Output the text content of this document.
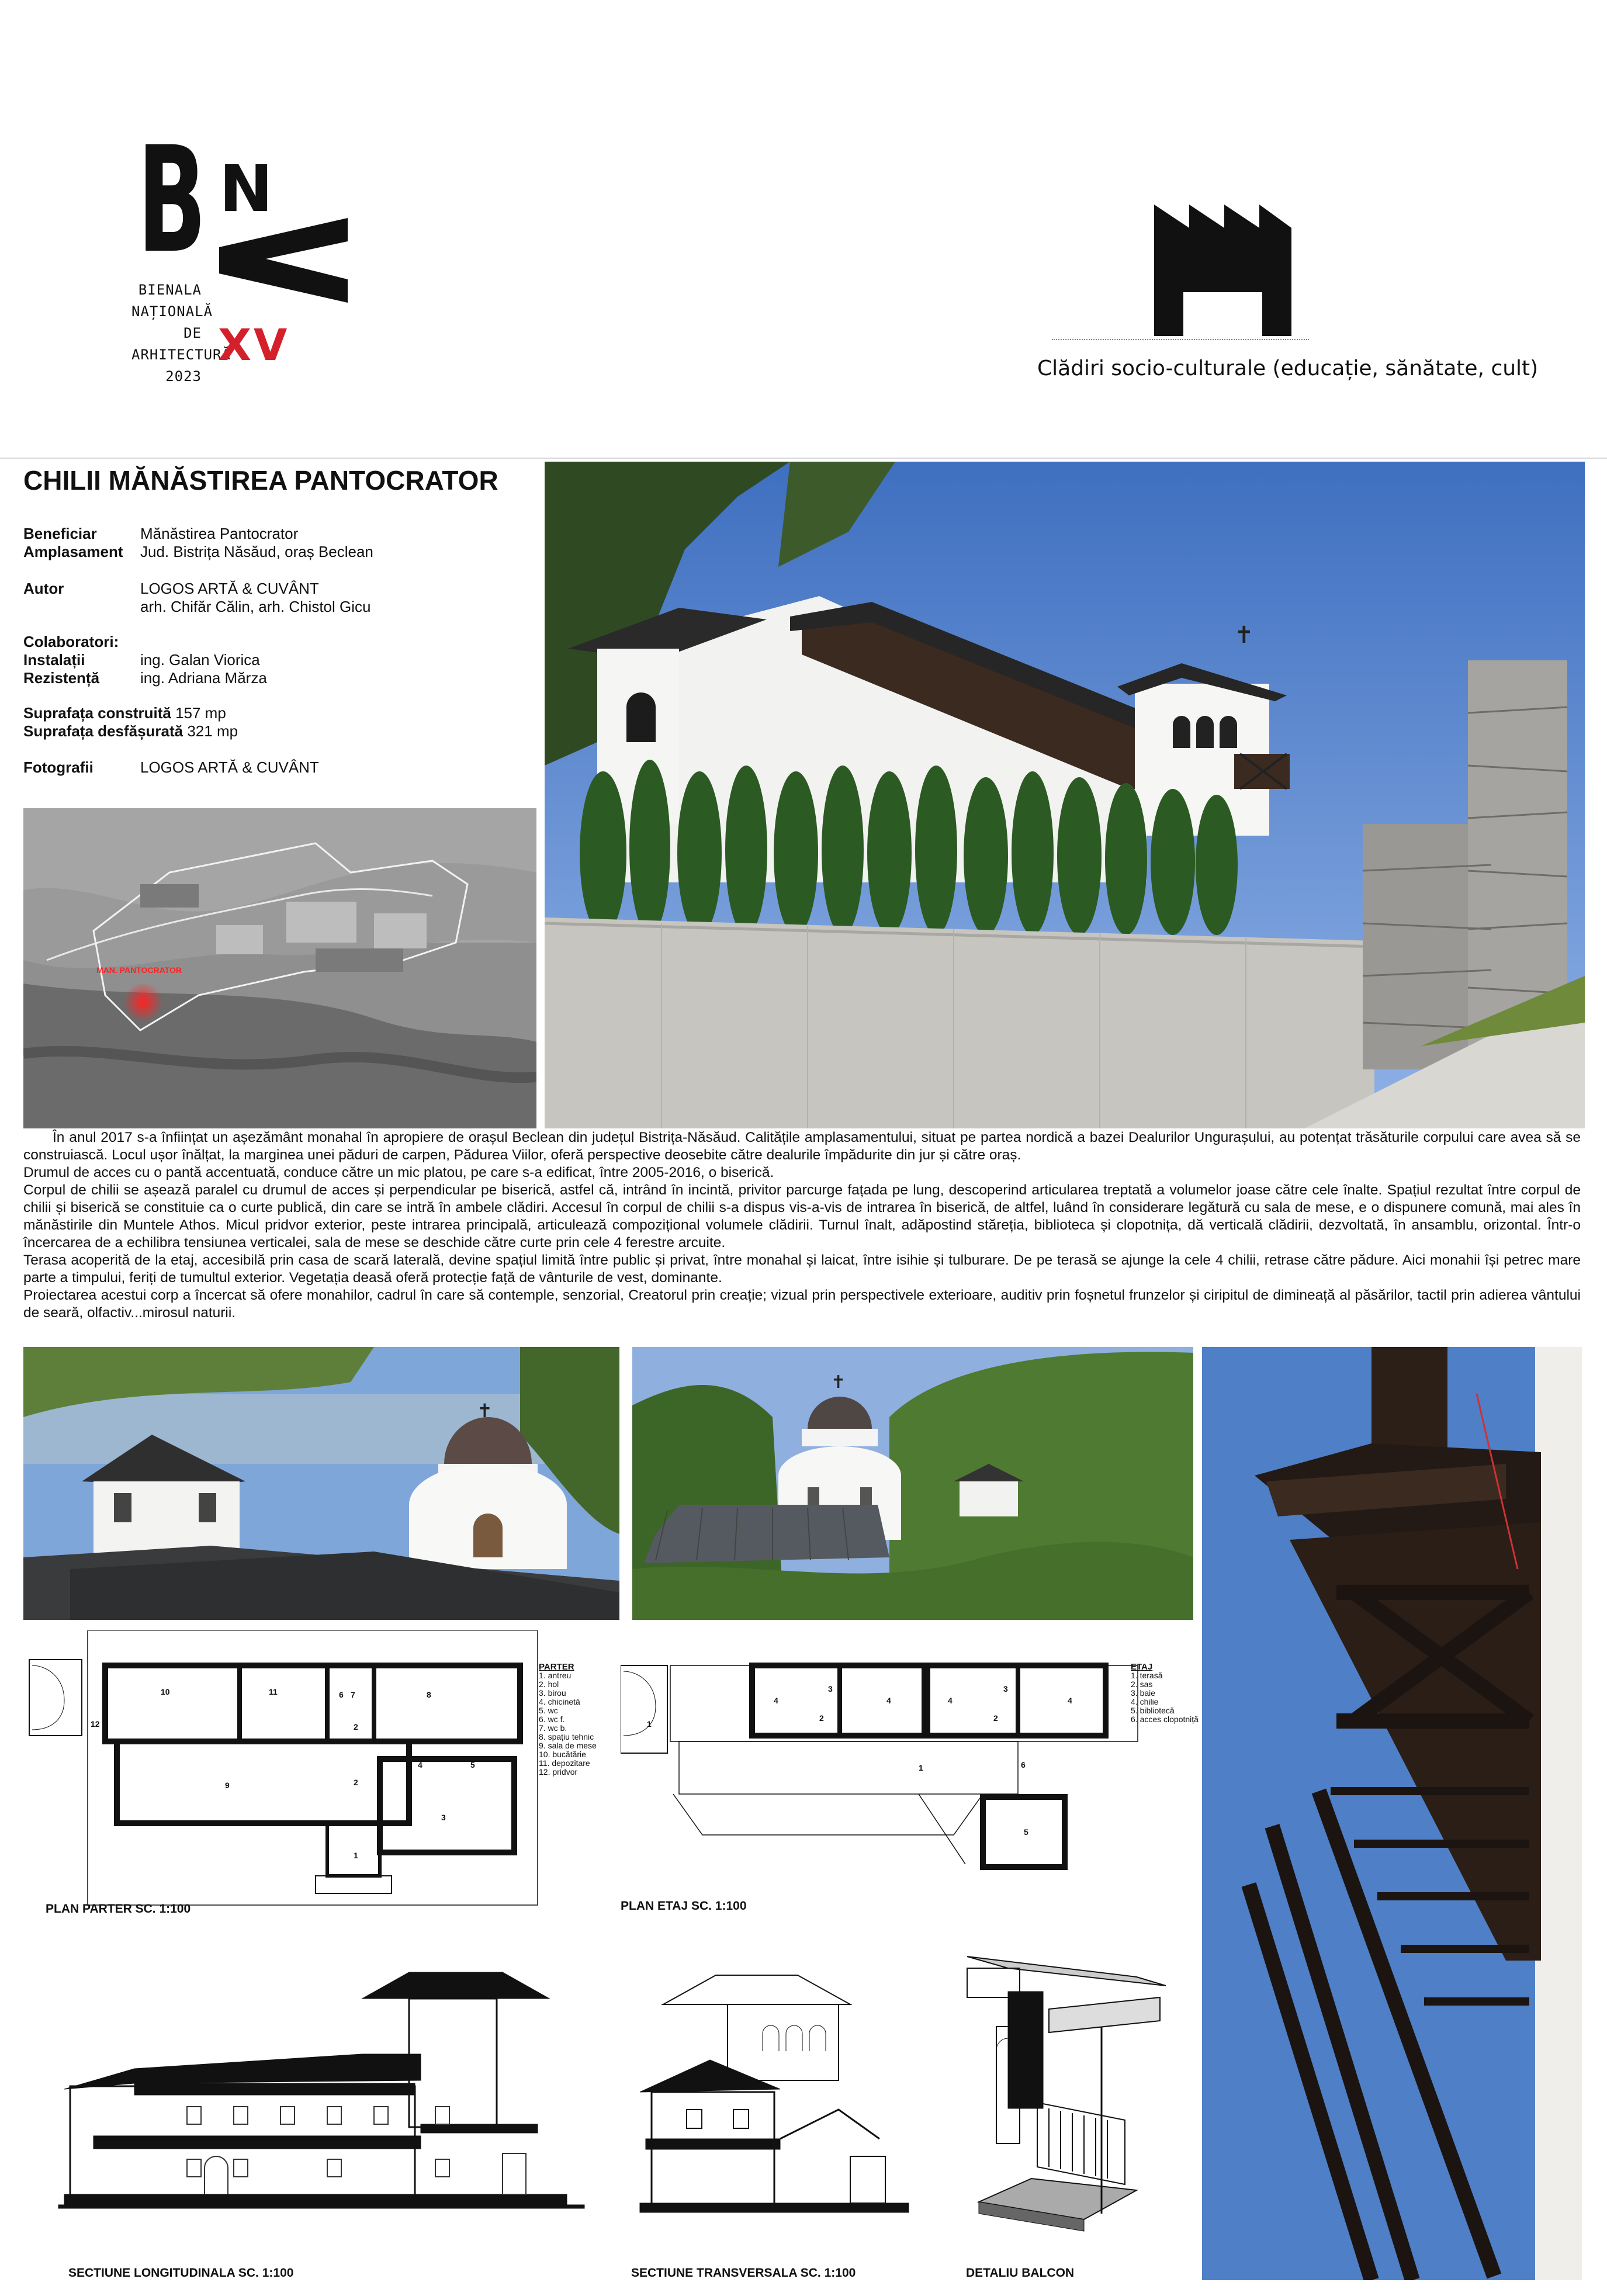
B N
BIENALA
NAȚIONALĂ
DE
ARHITECTURĂ
2023
XV	Clădiri socio-culturale (educație, sănătate, cult)
CHILII MĂNĂSTIREA PANTOCRATOR
Beneficiar	Mănăstirea Pantocrator
Amplasament Jud. Bistrița Năsăud, oraș Beclean
Autor	LOGOS ARTĂ & CUVÂNT
arh. Chifăr Călin, arh. Chistol Gicu
Colaboratori:
Instalații	ing. Galan Viorica
Rezistență	ing. Adriana Mărza
Suprafața construită 157 mp
Suprafața desfășurată 321 mp
Fotografii	LOGOS ARTĂ & CUVÂNT
MAN. PANTOCRATOR
✝

În anul 2017 s-a înființat un așezământ monahal în apropiere de orașul Beclean din județul Bistrița-Năsăud. Calitățile amplasamentului, situat pe partea nordică a bazei Dealurilor Ungurașului, au potențat trăsăturile corpului care avea să se construiască. Locul ușor înălțat, la marginea unei păduri de carpen, Pădurea Viilor, oferă perspective deosebite către dealurile împădurite din jur și către oraș.

Drumul de acces cu o pantă accentuată, conduce către un mic platou, pe care s-a edificat, între 2005-2016, o biserică.

Corpul de chilii se așează paralel cu drumul de acces și perpendicular pe biserică, astfel că, intrând în incintă, privitor parcurge fațada pe lung, descoperind articularea treptată a volumelor joase către cele înalte. Spațiul rezultat între corpul de chilii și biserică se constituie ca o curte publică, din care se intră în ambele clădiri. Accesul în corpul de chilii s-a dispus vis-a-vis de intrarea în biserică, de altfel, luând în considerare legătură cu sala de mese, e o dispunere comună, mai ales în mănăstirile din Muntele Athos. Micul pridvor exterior, peste intrarea principală, articulează compozițional volumele clădirii. Turnul înalt, adăpostind stărețiа, biblioteca și clopotnița, dă verticală clădirii, dezvoltată, în ansamblu, orizontal. Într-o încercarea de a echilibra tensiunea verticalei, sala de mese se deschide către curte prin cele 4 ferestre arcuite.

Terasa acoperită de la etaj, accesibilă prin casa de scară laterală, devine spațiul limită între public și privat, între monahal și laicat, între isihie și tulburare. De pe terasă se ajunge la cele 4 chilii, retrase către pădure. Aici monahii își petrec mare parte a timpului, feriți de tumultul exterior. Vegetația deasă oferă protecție față de vânturile de vest, dominante.

Proiectarea acestui corp a încercat să ofere monahilor, cadrul în care să contemple, senzorial, Creatorul prin creație; vizual prin perspectivele exterioare, auditiv prin foșnetul frunzelor și ciripitul de dimineață al păsărilor, tactil prin adierea vântului de seară, olfactiv...mirosul naturii.

✝
✝
10	11	6 7	8
12	2
4	5
9	2
3
1
PARTER
1. antreu
2. hol
3. birou
4. chicinetă
5. wc
6. wc f.
7. wc b.
8. spațiu tehnic
9. sala de mese
10. bucătărie
11. depozitare
12. pridvor
PLAN PARTER SC. 1:100
1
4
3
2
4
3
4
2
4
1	6
5
ETAJ
1. terasă
2. sas
3. baie
4. chilie
5. bibliotecă
6. acces clopotniță
PLAN ETAJ SC. 1:100
SECTIUNE LONGITUDINALA SC. 1:100	SECTIUNE TRANSVERSALA SC. 1:100	DETALIU BALCON
